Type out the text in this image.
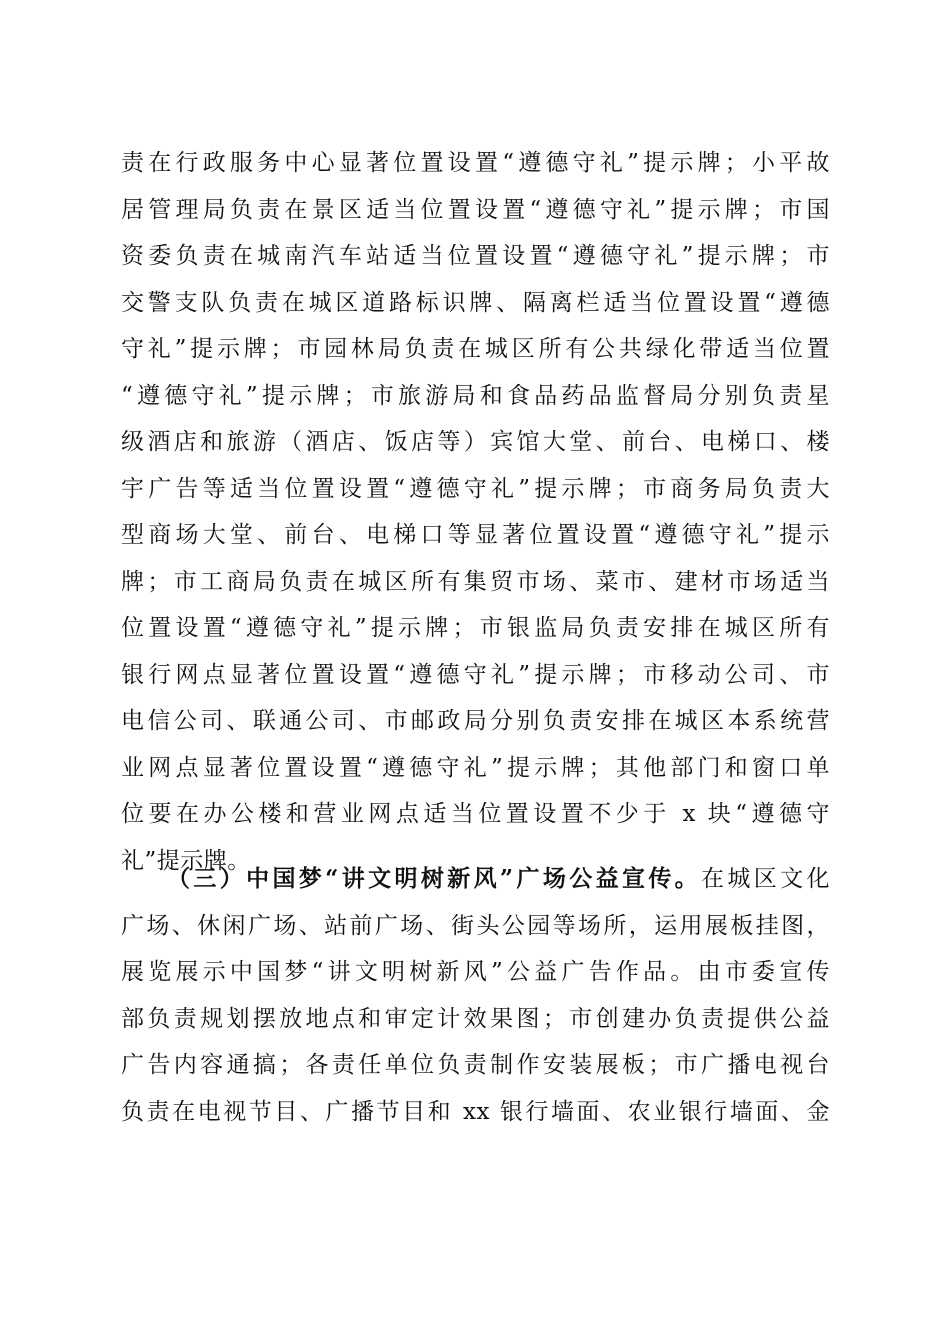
责在行政服务中心显著位置设置“遵德守礼”提示牌；小平故
居管理局负责在景区适当位置设置“遵德守礼”提示牌；市国
资委负责在城南汽车站适当位置设置“遵德守礼”提示牌；市
交警支队负责在城区道路标识牌、隔离栏适当位置设置“遵德
守礼”提示牌；市园林局负责在城区所有公共绿化带适当位置
“遵德守礼”提示牌；市旅游局和食品药品监督局分别负责星
级酒店和旅游（酒店、饭店等）宾馆大堂、前台、电梯口、楼
宇广告等适当位置设置“遵德守礼”提示牌；市商务局负责大
型商场大堂、前台、电梯口等显著位置设置“遵德守礼”提示
牌；市工商局负责在城区所有集贸市场、菜市、建材市场适当
位置设置“遵德守礼”提示牌；市银监局负责安排在城区所有
银行网点显著位置设置“遵德守礼”提示牌；市移动公司、市
电信公司、联通公司、市邮政局分别负责安排在城区本系统营
业网点显著位置设置“遵德守礼”提示牌；其他部门和窗口单
位要在办公楼和营业网点适当位置设置不少于 x 块“遵德守
礼”提示牌。
（三）中国梦“讲文明树新风”广场公益宣传。在城区文化
广场、休闲广场、站前广场、街头公园等场所，运用展板挂图，
展览展示中国梦“讲文明树新风”公益广告作品。由市委宣传
部负责规划摆放地点和审定计效果图；市创建办负责提供公益
广告内容通搞；各责任单位负责制作安装展板；市广播电视台
负责在电视节目、广播节目和 xx 银行墙面、农业银行墙面、金
